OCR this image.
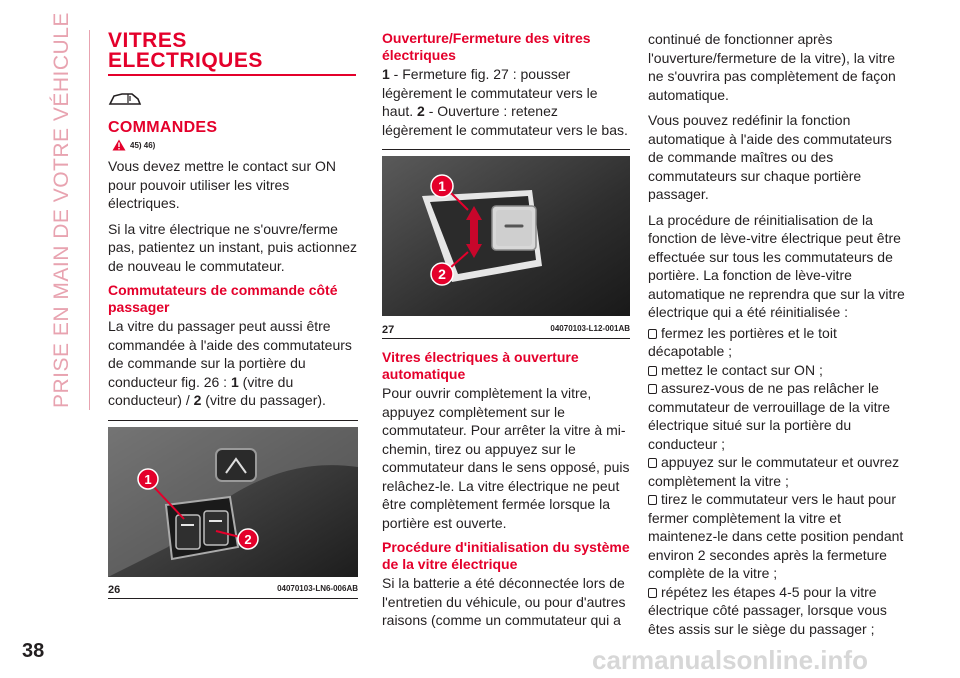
PRISE EN MAIN DE VOTRE VÉHICULE VITRES
ELECTRIQUES
COMMANDES
45) 46)

Vous devez mettre le contact sur ON pour pouvoir utiliser les vitres électriques.

Si la vitre électrique ne s'ouvre/ferme pas, patientez un instant, puis actionnez de nouveau le commutateur.

Commutateurs de commande côté passager

La vitre du passager peut aussi être commandée à l'aide des commutateurs de commande sur la portière du conducteur fig. 26 : 1 (vitre du conducteur) / 2 (vitre du passager).

1
2
26	04070103-LN6-006AB
Ouverture/Fermeture des vitres électriques

1 - Fermeture fig. 27 : pousser légèrement le commutateur vers le haut. 2 - Ouverture : retenez légèrement le commutateur vers le bas.

1
2
27	04070103-L12-001AB
Vitres électriques à ouverture automatique

Pour ouvrir complètement la vitre, appuyez complètement sur le commutateur. Pour arrêter la vitre à mi-chemin, tirez ou appuyez sur le commutateur dans le sens opposé, puis relâchez-le. La vitre électrique ne peut être complètement fermée lorsque la portière est ouverte.

Procédure d'initialisation du système de la vitre électrique

Si la batterie a été déconnectée lors de l'entretien du véhicule, ou pour d'autres raisons (comme un commutateur qui a

continué de fonctionner après l'ouverture/fermeture de la vitre), la vitre ne s'ouvrira pas complètement de façon automatique.

Vous pouvez redéfinir la fonction automatique à l'aide des commutateurs de commande maîtres ou des commutateurs sur chaque portière passager.

La procédure de réinitialisation de la fonction de lève-vitre électrique peut être effectuée sur tous les commutateurs de portière. La fonction de lève-vitre automatique ne reprendra que sur la vitre électrique qui a été réinitialisée :

fermez les portières et le toit décapotable ;

mettez le contact sur ON ;

assurez-vous de ne pas relâcher le commutateur de verrouillage de la vitre électrique situé sur la portière du conducteur ;

appuyez sur le commutateur et ouvrez complètement la vitre ;

tirez le commutateur vers le haut pour fermer complètement la vitre et maintenez-le dans cette position pendant environ 2 secondes après la fermeture complète de la vitre ;

répétez les étapes 4-5 pour la vitre électrique côté passager, lorsque vous êtes assis sur le siège du passager ;

38	carmanualsonline.info
